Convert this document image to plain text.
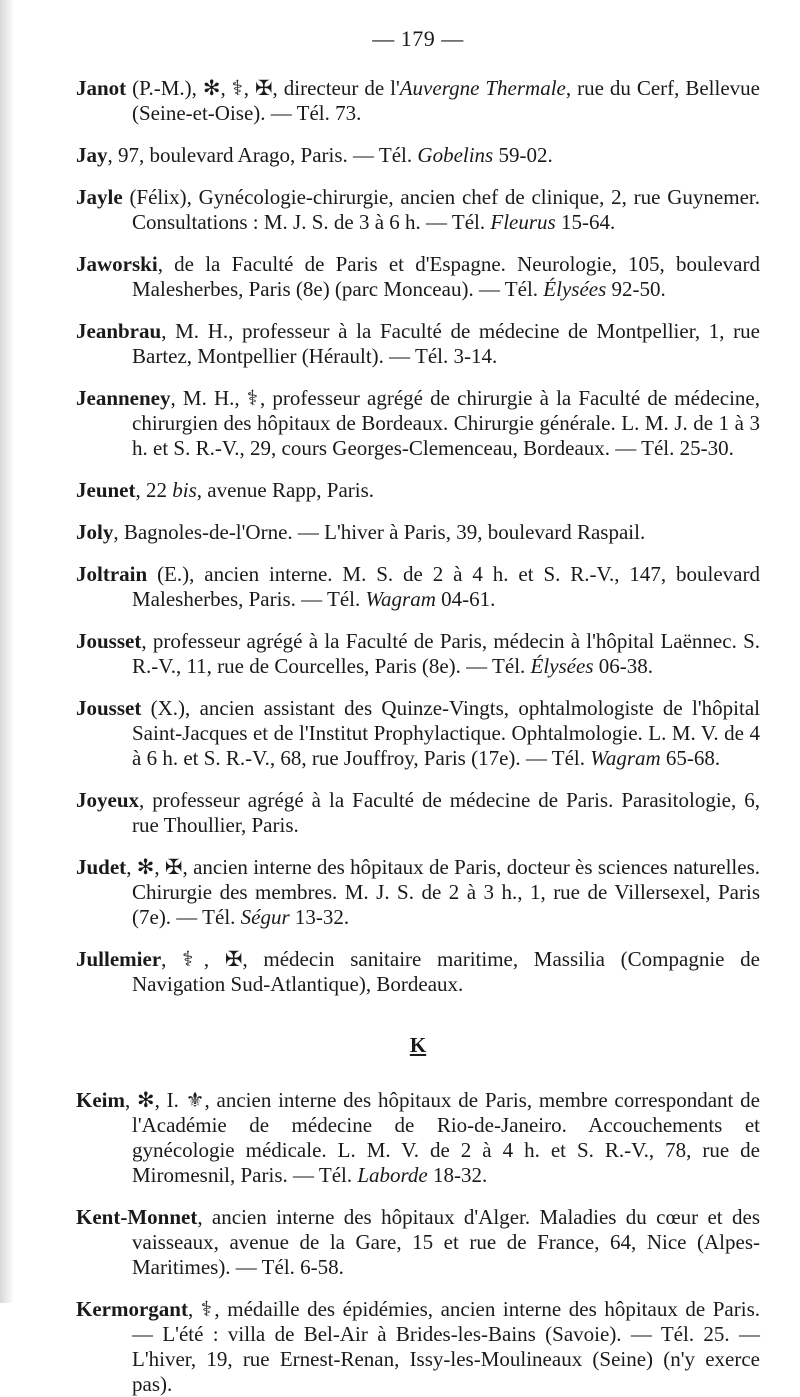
— 179 —

Janot (P.-M.), ✻, ⚕, ✠, directeur de l'Auvergne Thermale, rue du Cerf, Bellevue (Seine-et-Oise). — Tél. 73.

Jay, 97, boulevard Arago, Paris. — Tél. Gobelins 59-02.

Jayle (Félix), Gynécologie-chirurgie, ancien chef de clinique, 2, rue Guynemer. Consultations : M. J. S. de 3 à 6 h. — Tél. Fleurus 15-64.

Jaworski, de la Faculté de Paris et d'Espagne. Neurologie, 105, boulevard Malesherbes, Paris (8e) (parc Monceau). — Tél. Élysées 92-50.

Jeanbrau, M. H., professeur à la Faculté de médecine de Montpellier, 1, rue Bartez, Montpellier (Hérault). — Tél. 3-14.

Jeanneney, M. H., ⚕, professeur agrégé de chirurgie à la Faculté de médecine, chirurgien des hôpitaux de Bordeaux. Chirurgie générale. L. M. J. de 1 à 3 h. et S. R.-V., 29, cours Georges-Clemenceau, Bordeaux. — Tél. 25-30.

Jeunet, 22 bis, avenue Rapp, Paris.

Joly, Bagnoles-de-l'Orne. — L'hiver à Paris, 39, boulevard Raspail.

Joltrain (E.), ancien interne. M. S. de 2 à 4 h. et S. R.-V., 147, boulevard Malesherbes, Paris. — Tél. Wagram 04-61.

Jousset, professeur agrégé à la Faculté de Paris, médecin à l'hôpital Laënnec. S. R.-V., 11, rue de Courcelles, Paris (8e). — Tél. Élysées 06-38.

Jousset (X.), ancien assistant des Quinze-Vingts, ophtalmologiste de l'hôpital Saint-Jacques et de l'Institut Prophylactique. Ophtalmologie. L. M. V. de 4 à 6 h. et S. R.-V., 68, rue Jouffroy, Paris (17e). — Tél. Wagram 65-68.

Joyeux, professeur agrégé à la Faculté de médecine de Paris. Parasitologie, 6, rue Thoullier, Paris.

Judet, ✻, ✠, ancien interne des hôpitaux de Paris, docteur ès sciences naturelles. Chirurgie des membres. M. J. S. de 2 à 3 h., 1, rue de Villersexel, Paris (7e). — Tél. Ségur 13-32.

Jullemier, ⚕, ✠, médecin sanitaire maritime, Massilia (Compagnie de Navigation Sud-Atlantique), Bordeaux.

K

Keim, ✻, I. ⚜, ancien interne des hôpitaux de Paris, membre correspondant de l'Académie de médecine de Rio-de-Janeiro. Accouchements et gynécologie médicale. L. M. V. de 2 à 4 h. et S. R.-V., 78, rue de Miromesnil, Paris. — Tél. Laborde 18-32.

Kent-Monnet, ancien interne des hôpitaux d'Alger. Maladies du cœur et des vaisseaux, avenue de la Gare, 15 et rue de France, 64, Nice (Alpes-Maritimes). — Tél. 6-58.

Kermorgant, ⚕, médaille des épidémies, ancien interne des hôpitaux de Paris. — L'été : villa de Bel-Air à Brides-les-Bains (Savoie). — Tél. 25. — L'hiver, 19, rue Ernest-Renan, Issy-les-Moulineaux (Seine) (n'y exerce pas).
